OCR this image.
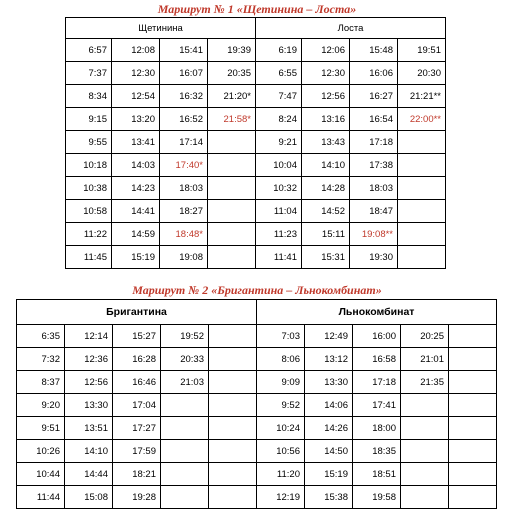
Маршрут № 1 «Щетинина – Лоста»
Щетинина				Лоста			
6:57	12:08	15:41	19:39	6:19	12:06	15:48	19:51
7:37	12:30	16:07	20:35	6:55	12:30	16:06	20:30
8:34	12:54	16:32	21:20*	7:47	12:56	16:27	21:21**
9:15	13:20	16:52	21:58*	8:24	13:16	16:54	22:00**
9:55	13:41	17:14		9:21	13:43	17:18	
10:18	14:03	17:40*		10:04	14:10	17:38	
10:38	14:23	18:03		10:32	14:28	18:03	
10:58	14:41	18:27		11:04	14:52	18:47	
11:22	14:59	18:48*		11:23	15:11	19:08**	
11:45	15:19	19:08		11:41	15:31	19:30	
Маршрут № 2 «Бригантина – Льнокомбинат»
Бригантина					Льнокомбинат				
6:35	12:14	15:27	19:52		7:03	12:49	16:00	20:25	
7:32	12:36	16:28	20:33		8:06	13:12	16:58	21:01	
8:37	12:56	16:46	21:03		9:09	13:30	17:18	21:35	
9:20	13:30	17:04			9:52	14:06	17:41		
9:51	13:51	17:27			10:24	14:26	18:00		
10:26	14:10	17:59			10:56	14:50	18:35		
10:44	14:44	18:21			11:20	15:19	18:51		
11:44	15:08	19:28			12:19	15:38	19:58		
